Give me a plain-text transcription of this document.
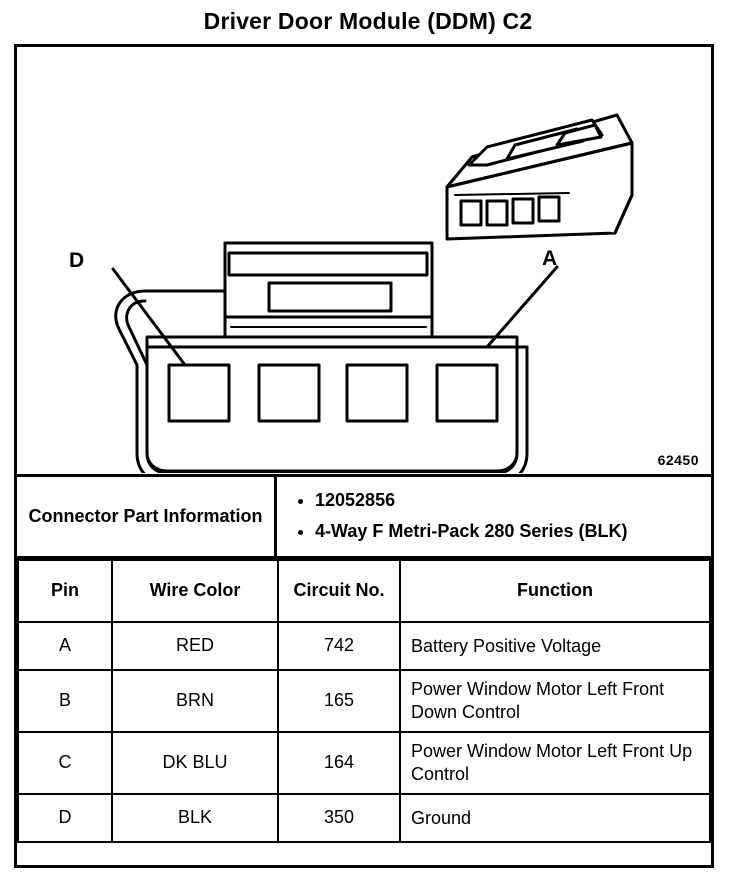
Driver Door Module (DDM) C2
D	A
62450
Connector Part Information
• 12052856
• 4-Way F Metri-Pack 280 Series (BLK)
Pin	Wire Color	Circuit No.	Function
A	RED	742	Battery Positive Voltage
B	BRN	165	Power Window Motor Left Front Down Control
C	DK BLU	164	Power Window Motor Left Front Up Control
D	BLK	350	Ground
